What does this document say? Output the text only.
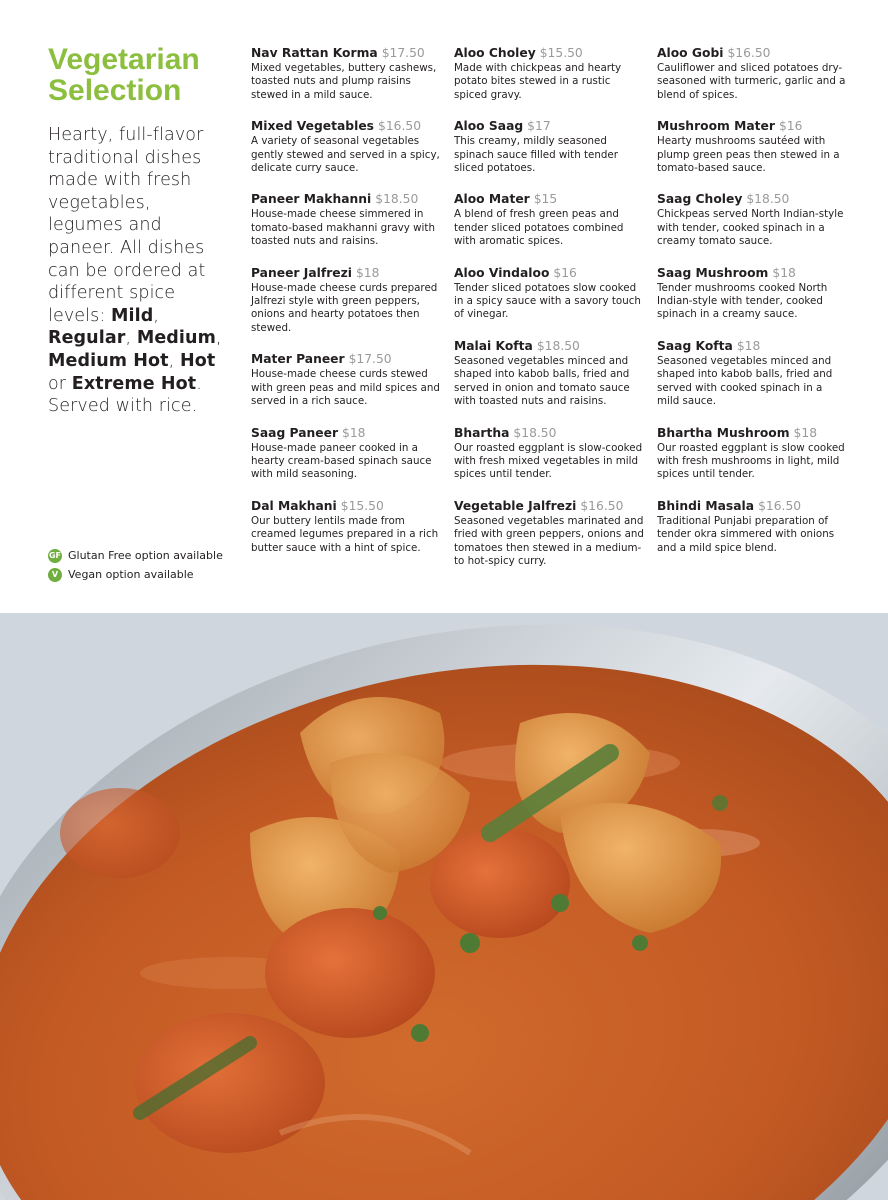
Vegetarian
Selection

Hearty, full-flavor traditional dishes made with fresh vegetables, legumes and paneer. All dishes can be ordered at different spice levels: Mild, Regular, Medium, Medium Hot, Hot or Extreme Hot. Served with rice.

GF Glutan Free option available
V Vegan option available
Nav Rattan Korma $17.50
Mixed vegetables, buttery cashews, toasted nuts and plump raisins stewed in a mild sauce.
Mixed Vegetables $16.50
A variety of seasonal vegetables gently stewed and served in a spicy, delicate curry sauce.
Paneer Makhanni $18.50
House-made cheese simmered in tomato-based makhanni gravy with toasted nuts and raisins.
Paneer Jalfrezi $18
House-made cheese curds prepared Jalfrezi style with green peppers, onions and hearty potatoes then stewed.
Mater Paneer $17.50
House-made cheese curds stewed with green peas and mild spices and served in a rich sauce.
Saag Paneer $18
House-made paneer cooked in a hearty cream-based spinach sauce with mild seasoning.
Dal Makhani $15.50
Our buttery lentils made from creamed legumes prepared in a rich butter sauce with a hint of spice.
Aloo Choley $15.50
Made with chickpeas and hearty potato bites stewed in a rustic spiced gravy.
Aloo Saag $17
This creamy, mildly seasoned spinach sauce filled with tender sliced potatoes.
Aloo Mater $15
A blend of fresh green peas and tender sliced potatoes combined with aromatic spices.
Aloo Vindaloo $16
Tender sliced potatoes slow cooked in a spicy sauce with a savory touch of vinegar.
Malai Kofta $18.50
Seasoned vegetables minced and shaped into kabob balls, fried and served in onion and tomato sauce with toasted nuts and raisins.
Bhartha $18.50
Our roasted eggplant is slow-cooked with fresh mixed vegetables in mild spices until tender.
Vegetable Jalfrezi $16.50
Seasoned vegetables marinated and fried with green peppers, onions and tomatoes then stewed in a medium- to hot-spicy curry.
Aloo Gobi $16.50
Cauliflower and sliced potatoes dry-seasoned with turmeric, garlic and a blend of spices.
Mushroom Mater $16
Hearty mushrooms sautéed with plump green peas then stewed in a tomato-based sauce.
Saag Choley $18.50
Chickpeas served North Indian-style with tender, cooked spinach in a creamy tomato sauce.
Saag Mushroom $18
Tender mushrooms cooked North Indian-style with tender, cooked spinach in a creamy sauce.
Saag Kofta $18
Seasoned vegetables minced and shaped into kabob balls, fried and served with cooked spinach in a mild sauce.
Bhartha Mushroom $18
Our roasted eggplant is slow cooked with fresh mushrooms in light, mild spices until tender.
Bhindi Masala $16.50
Traditional Punjabi preparation of tender okra simmered with onions and a mild spice blend.
